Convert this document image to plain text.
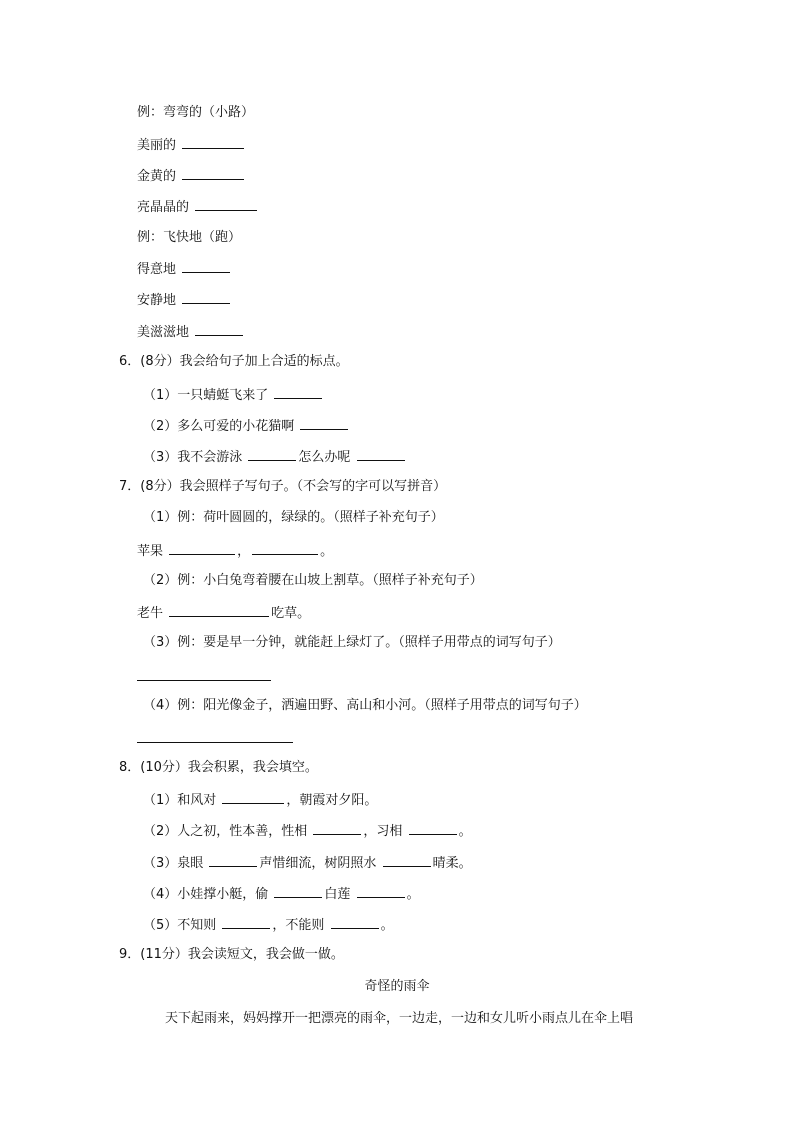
例：弯弯的（小路）
美丽的
金黄的
亮晶晶的
例：飞快地（跑）
得意地
安静地
美滋滋地
6．(8分）我会给句子加上合适的标点。
（1）一只蜻蜓飞来了
（2）多么可爱的小花猫啊
（3）我不会游泳	怎么办呢
7．(8分）我会照样子写句子。（不会写的字可以写拼音）
（1）例：荷叶圆圆的，绿绿的。（照样子补充句子）
苹果	，	。
（2）例：小白兔弯着腰在山坡上割草。（照样子补充句子）
老牛	吃草。
（3）例：要是早一分钟，就能赶上绿灯了。（照样子用带点的词写句子）
（4）例：阳光像金子，洒遍田野、高山和小河。（照样子用带点的词写句子）
8．(10分）我会积累，我会填空。
（1）和风对	，朝霞对夕阳。
（2）人之初，性本善，性相	，习相	。
（3）泉眼	声惜细流，树阴照水	晴柔。
（4）小娃撑小艇，偷	白莲	。
（5）不知则	，不能则	。
9．(11分）我会读短文，我会做一做。
奇怪的雨伞
天下起雨来，妈妈撑开一把漂亮的雨伞，一边走，一边和女儿听小雨点儿在伞上唱
